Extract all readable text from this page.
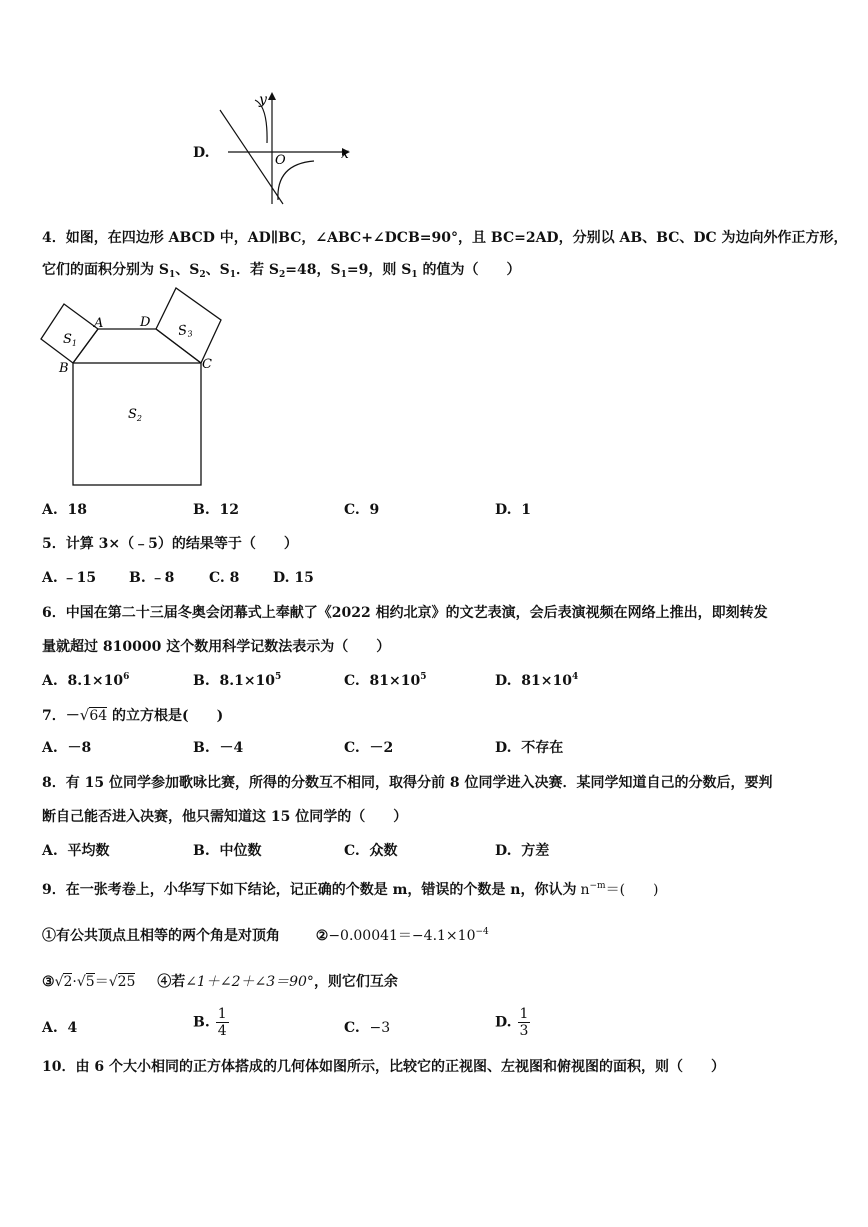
D.	x
y
O
4．如图，在四边形 ABCD 中，AD∥BC，∠ABC+∠DCB=90°，且 BC=2AD，分别以 AB、BC、DC 为边向外作正方形，
它们的面积分别为 $S_1$、$S_2$、$S_1$．若 $S_2=48$，$S_1=9$，则 $S_1$ 的值为（　　）
A	D
B	C
$S_1$
$S_3$
$S_2$
A. 18	B. 12	C. 9	D. 1
5．计算 3×（﹣5）的结果等于（　　）
A. ﹣15 B. ﹣8 C. 8 D. 15
6．中国在第二十三届冬奥会闭幕式上奉献了《2022 相约北京》的文艺表演，会后表演视频在网络上推出，即刻转发
量就超过 810000 这个数用科学记数法表示为（　　）
A. $8.1\times 10^6$	B. $8.1\times 10^5$	C. $81\times 10^5$	D. $81\times 10^4$
7．－√64 的立方根是(　　)
A. －8	B. －4	C. －2	D. 不存在
8．有 15 位同学参加歌咏比赛，所得的分数互不相同，取得分前 8 位同学进入决赛．某同学知道自己的分数后，要判
断自己能否进入决赛，他只需知道这 15 位同学的（　　）
A. 平均数	B. 中位数	C. 众数	D. 方差
9．在一张考卷上，小华写下如下结论，记正确的个数是 m，错误的个数是 n，你认为 $n^{-m}=$(　　)
①有公共顶点且相等的两个角是对顶角	$②-0.00041=-4.1\times 10^{-4}$
③√2·√5＝√25 ④若∠1＋∠2＋∠3＝90°，则它们互余
A. 4	B. $\frac{1}{4}$	C. −3	D. $\frac{1}{3}$
10．由 6 个大小相同的正方体搭成的几何体如图所示，比较它的正视图、左视图和俯视图的面积，则（　　）
